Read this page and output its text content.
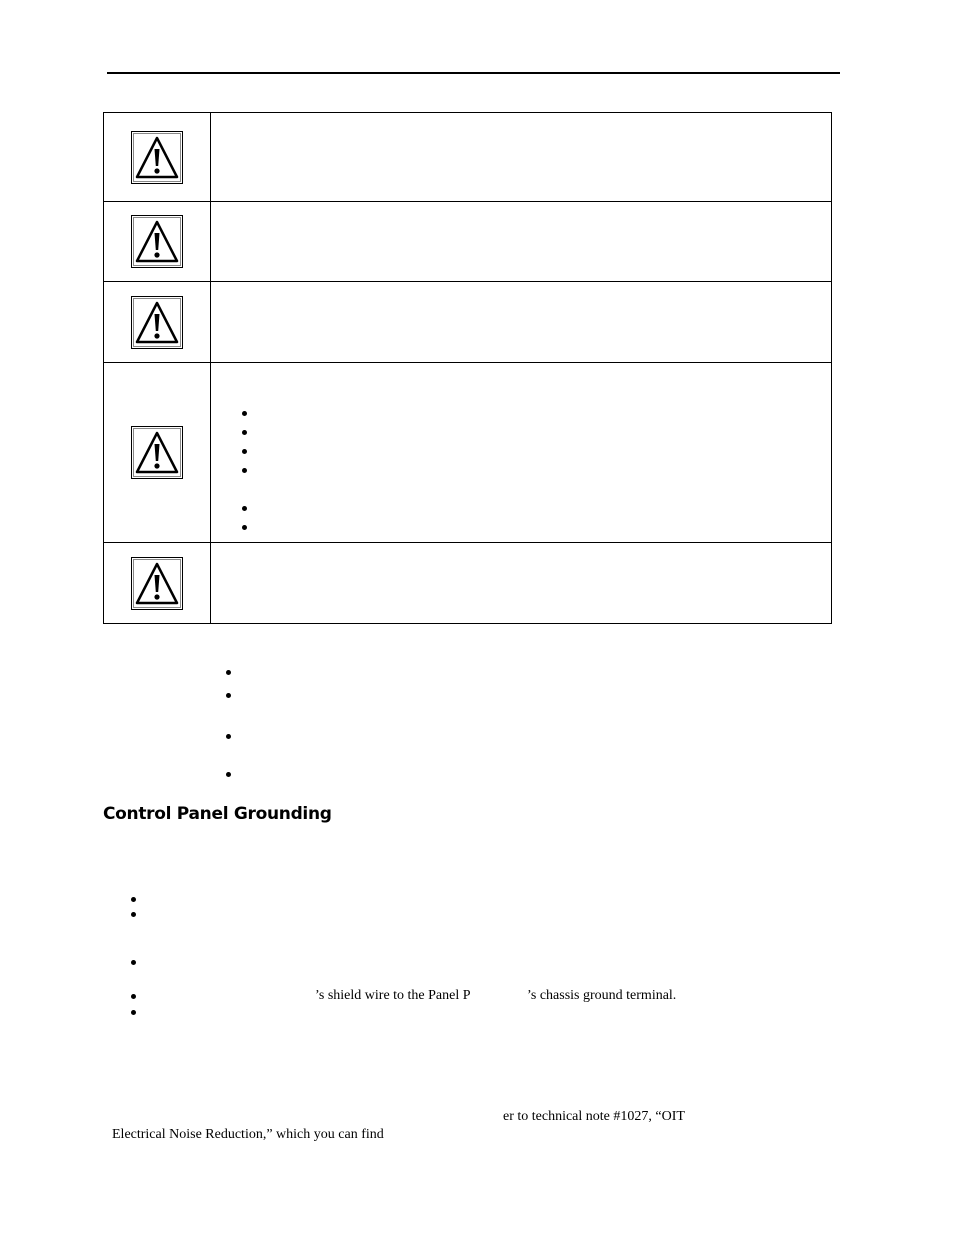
Control Panel Grounding
’s shield wire to the Panel P	’s chassis ground terminal.
er to technical note #1027, “OIT
Electrical Noise Reduction,” which you can find
